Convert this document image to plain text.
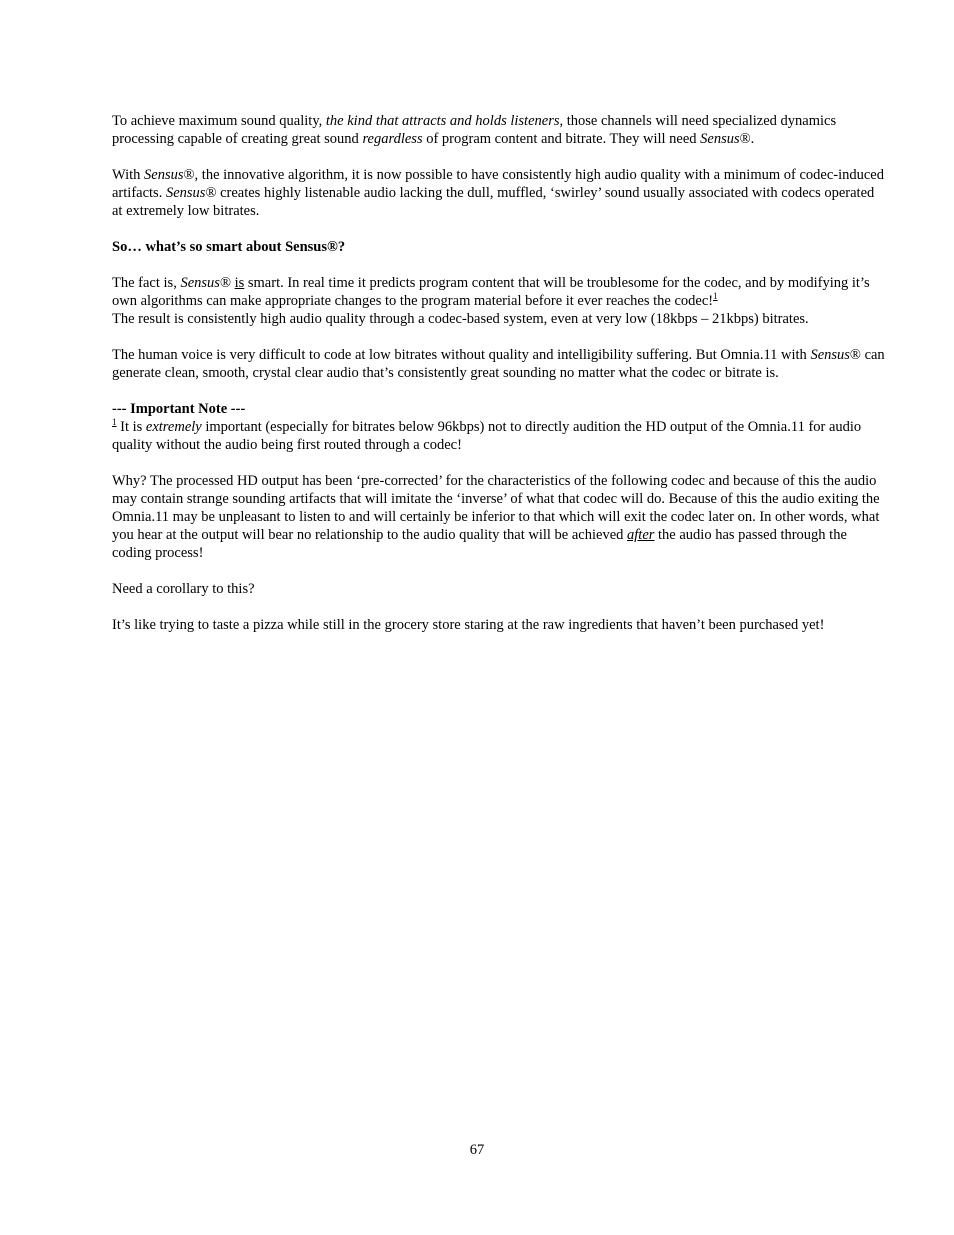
To achieve maximum sound quality, the kind that attracts and holds listeners, those channels will need specialized dynamics processing capable of creating great sound regardless of program content and bitrate. They will need Sensus®.

With Sensus®, the innovative algorithm, it is now possible to have consistently high audio quality with a minimum of codec-induced artifacts. Sensus® creates highly listenable audio lacking the dull, muffled, ‘swirley’ sound usually associated with codecs operated at extremely low bitrates.

So… what’s so smart about Sensus®?

The fact is, Sensus® is smart. In real time it predicts program content that will be troublesome for the codec, and by modifying it’s own algorithms can make appropriate changes to the program material before it ever reaches the codec!$^1$
The result is consistently high audio quality through a codec-based system, even at very low (18kbps – 21kbps) bitrates.

The human voice is very difficult to code at low bitrates without quality and intelligibility suffering. But Omnia.11 with Sensus® can generate clean, smooth, crystal clear audio that’s consistently great sounding no matter what the codec or bitrate is.

--- Important Note ---
$^1$ It is extremely important (especially for bitrates below 96kbps) not to directly audition the HD output of the Omnia.11 for audio quality without the audio being first routed through a codec!

Why? The processed HD output has been ‘pre-corrected’ for the characteristics of the following codec and because of this the audio may contain strange sounding artifacts that will imitate the ‘inverse’ of what that codec will do. Because of this the audio exiting the Omnia.11 may be unpleasant to listen to and will certainly be inferior to that which will exit the codec later on. In other words, what you hear at the output will bear no relationship to the audio quality that will be achieved after the audio has passed through the coding process!

Need a corollary to this?

It’s like trying to taste a pizza while still in the grocery store staring at the raw ingredients that haven’t been purchased yet!

67
